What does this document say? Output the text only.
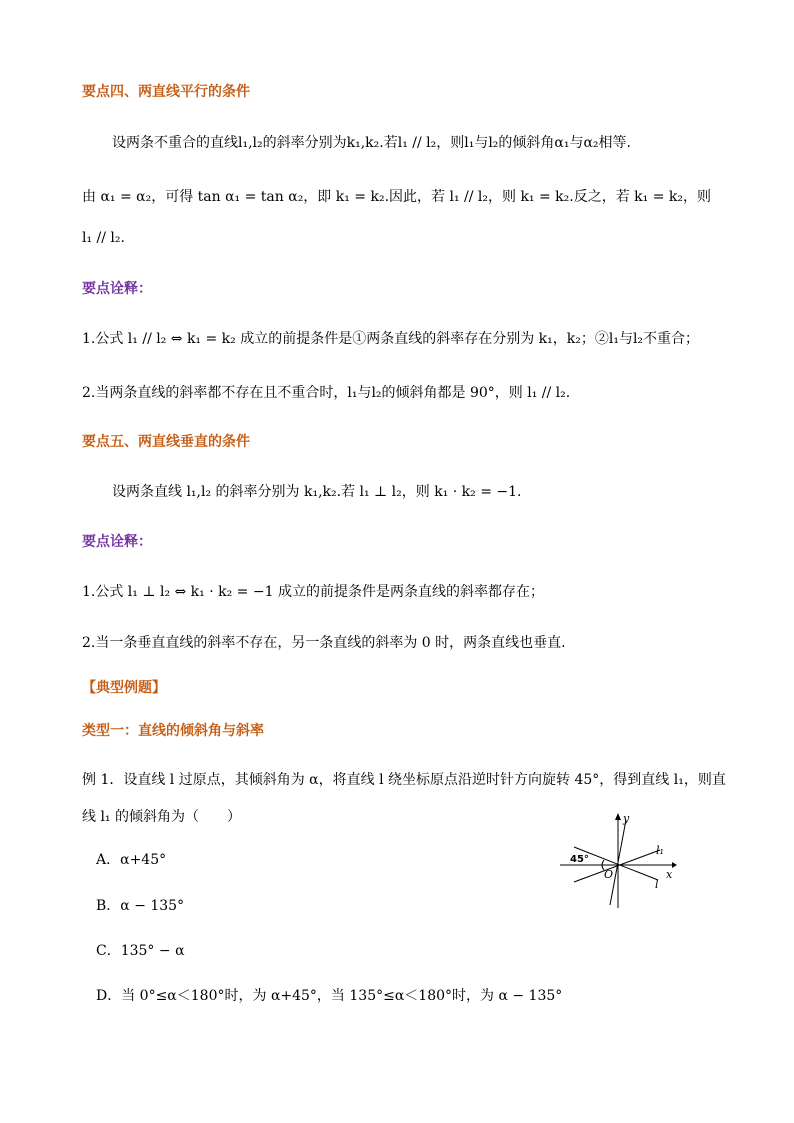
要点四、两直线平行的条件
设两条不重合的直线l₁,l₂的斜率分别为k₁,k₂.若l₁ // l₂，则l₁与l₂的倾斜角α₁与α₂相等.
由 α₁ = α₂，可得 tan α₁ = tan α₂，即 k₁ = k₂.因此，若 l₁ // l₂，则 k₁ = k₂.反之，若 k₁ = k₂，则
l₁ // l₂.
要点诠释：
1.公式 l₁ // l₂ ⇔ k₁ = k₂ 成立的前提条件是①两条直线的斜率存在分别为 k₁，k₂；②l₁与l₂不重合；
2.当两条直线的斜率都不存在且不重合时，l₁与l₂的倾斜角都是 90°，则 l₁ // l₂.
要点五、两直线垂直的条件
设两条直线 l₁,l₂ 的斜率分别为 k₁,k₂.若 l₁ ⊥ l₂，则 k₁ · k₂ = −1.
要点诠释：
1.公式 l₁ ⊥ l₂ ⇔ k₁ · k₂ = −1 成立的前提条件是两条直线的斜率都存在；
2.当一条垂直直线的斜率不存在，另一条直线的斜率为 0 时，两条直线也垂直.
【典型例题】
类型一：直线的倾斜角与斜率
例 1．设直线 l 过原点，其倾斜角为 α，将直线 l 绕坐标原点沿逆时针方向旋转 45°，得到直线 l₁，则直
线 l₁ 的倾斜角为（　　）
A．α+45°
B．α − 135°
C．135° − α
D．当 0°≤α＜180°时，为 α+45°，当 135°≤α＜180°时，为 α − 135°
y
x
O
45°
l₁
l
